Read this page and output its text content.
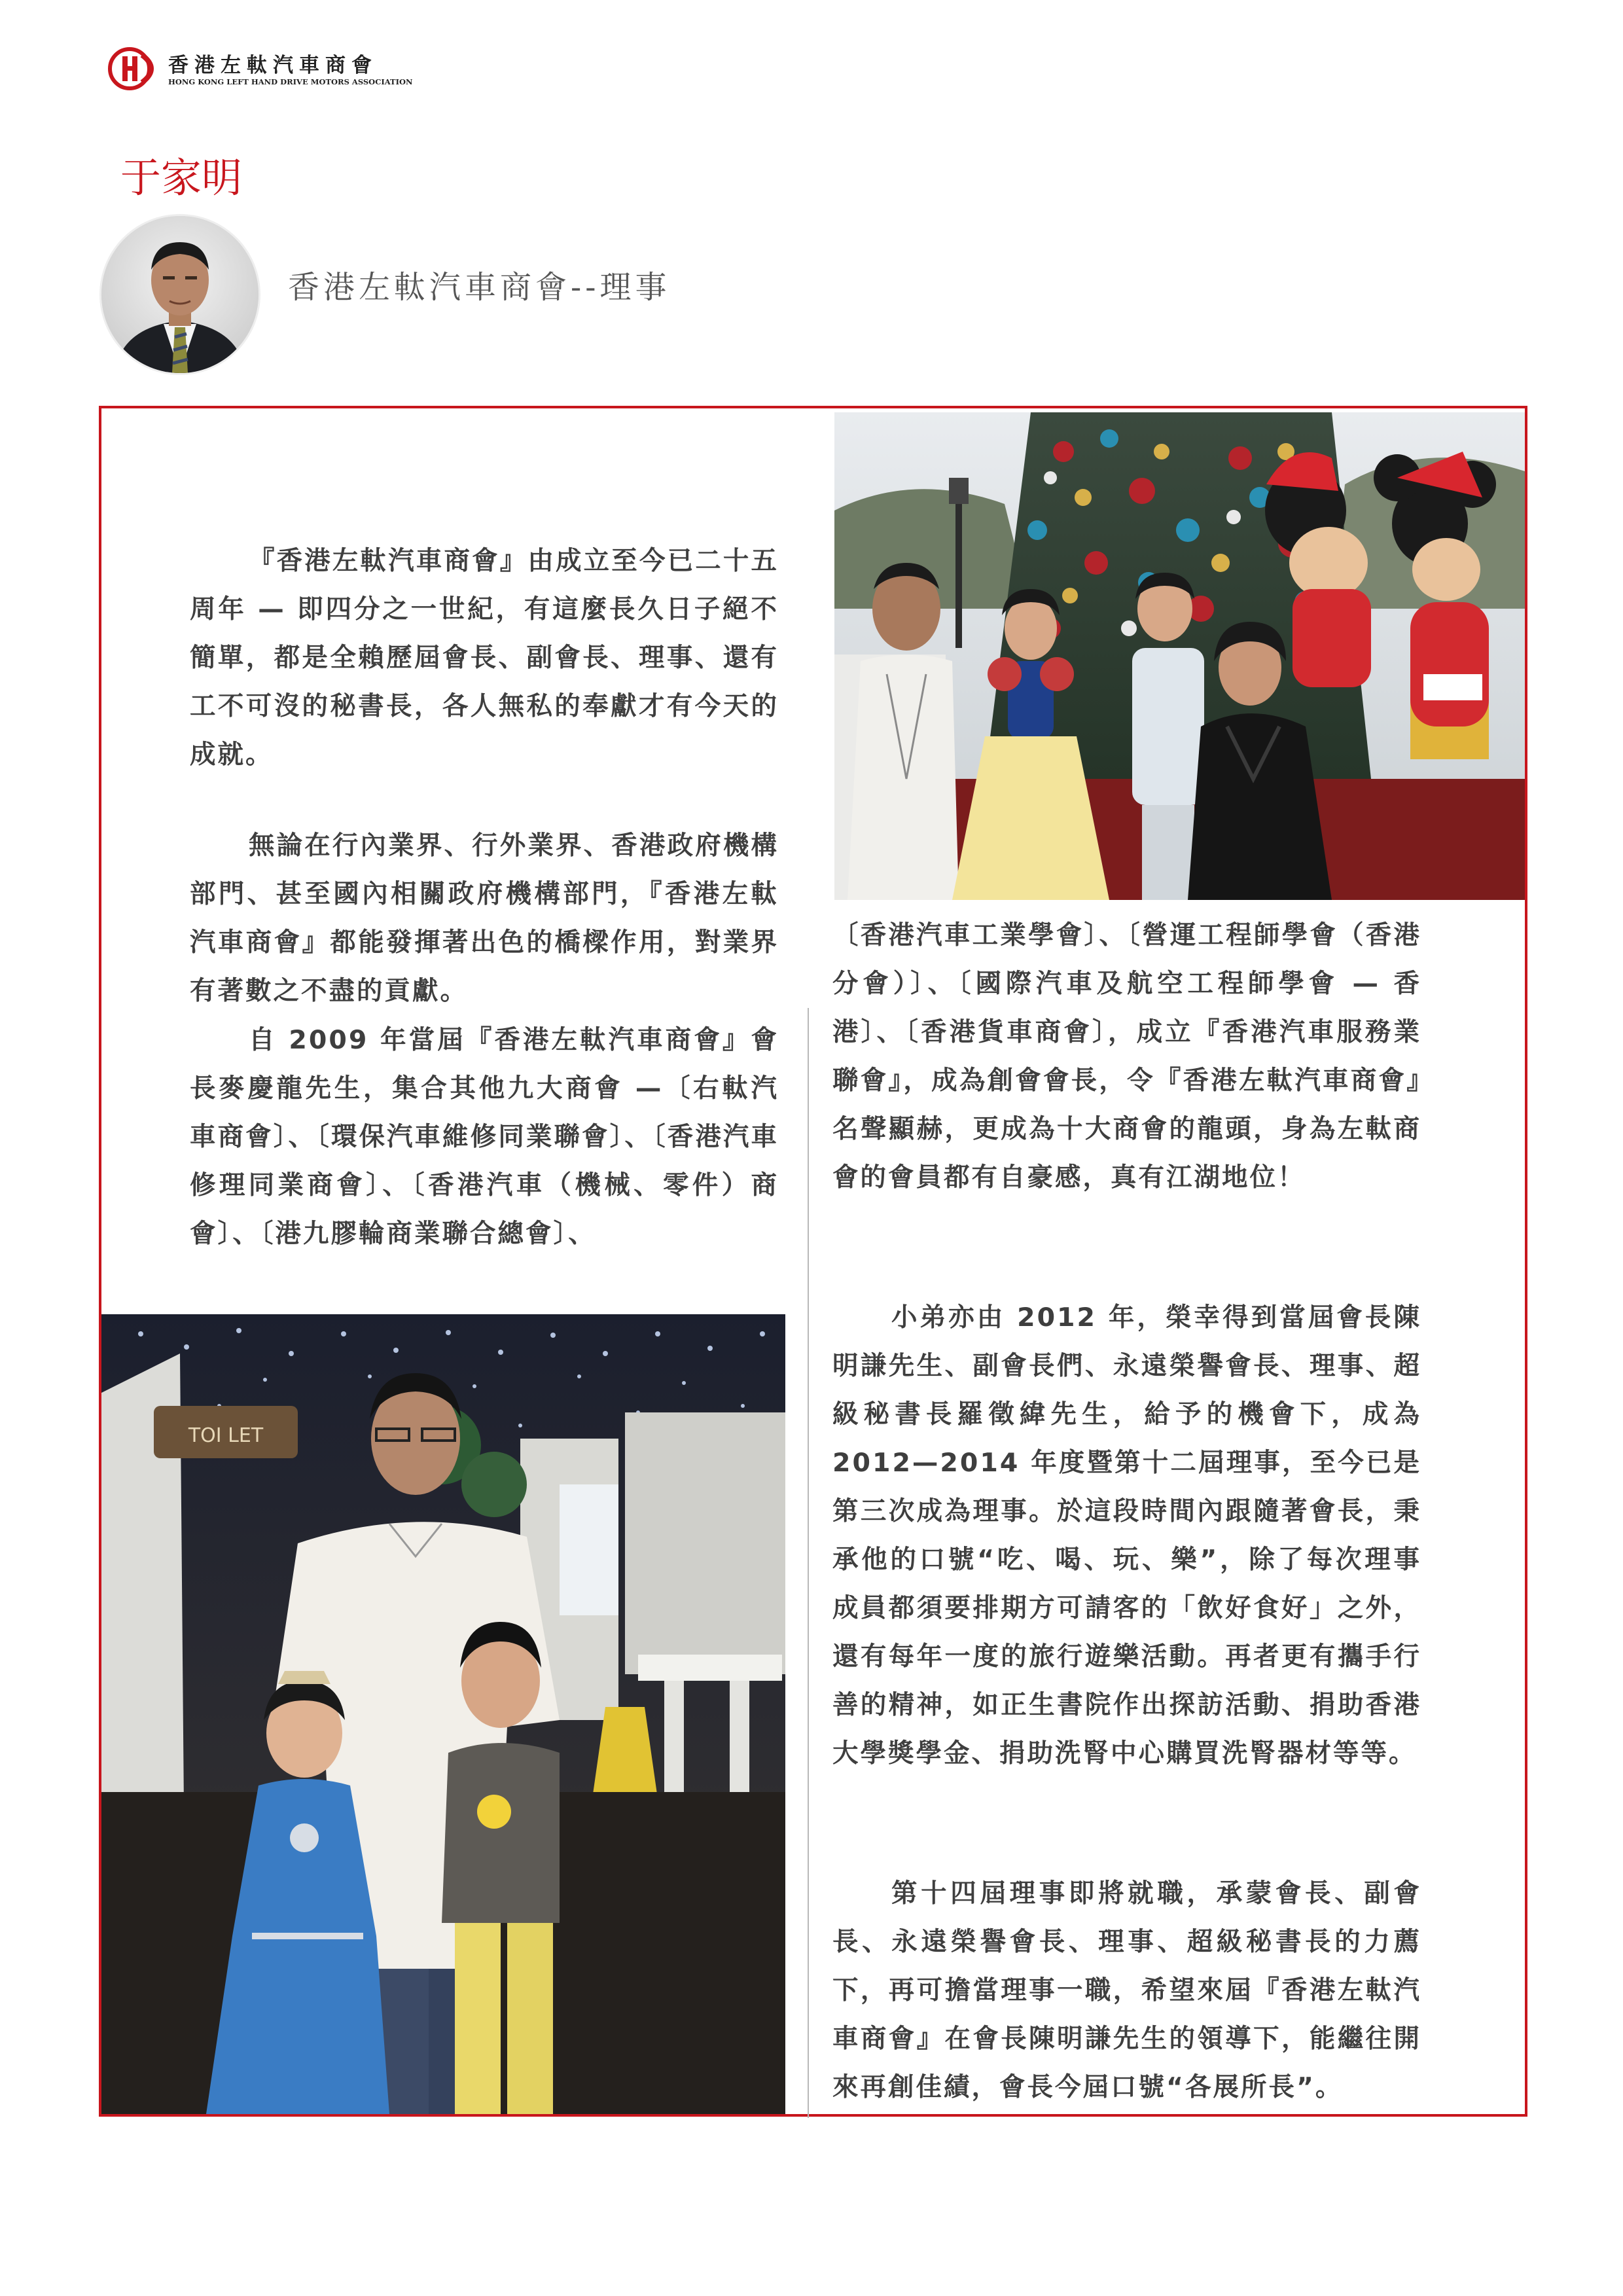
香港左軚汽車商會
HONG KONG LEFT HAND DRIVE MOTORS ASSOCIATION
于家明
香港左軚汽車商會--理事
TOI LET
『香港左軚汽車商會』由成立至今已二十五周年 — 即四分之一世紀，有這麼長久日子絕不簡單，都是全賴歷屆會長、副會長、理事、還有工不可沒的秘書長，各人無私的奉獻才有今天的成就。
無論在行內業界、行外業界、香港政府機構部門、甚至國內相關政府機構部門，『香港左軚汽車商會』都能發揮著出色的橋樑作用，對業界有著數之不盡的貢獻。
自 2009 年當屆『香港左軚汽車商會』會長麥慶龍先生，集合其他九大商會 —〔右軚汽車商會〕、〔環保汽車維修同業聯會〕、〔香港汽車修理同業商會〕、〔香港汽車（機械、零件）商會〕、〔港九膠輪商業聯合總會〕、
〔香港汽車工業學會〕、〔營運工程師學會（香港分會）〕、〔國際汽車及航空工程師學會 — 香港〕、〔香港貨車商會〕，成立『香港汽車服務業聯會』，成為創會會長，令『香港左軚汽車商會』名聲顯赫，更成為十大商會的龍頭，身為左軚商會的會員都有自豪感，真有江湖地位！
小弟亦由 2012 年，榮幸得到當屆會長陳明謙先生、副會長們、永遠榮譽會長、理事、超級秘書長羅徵緯先生，給予的機會下，成為 2012—2014 年度暨第十二屆理事，至今已是第三次成為理事。於這段時間內跟隨著會長，秉承他的口號“吃、喝、玩、樂”，除了每次理事成員都須要排期方可請客的「飲好食好」之外，還有每年一度的旅行遊樂活動。再者更有攜手行善的精神，如正生書院作出探訪活動、捐助香港大學獎學金、捐助洗腎中心購買洗腎器材等等。
第十四屆理事即將就職，承蒙會長、副會長、永遠榮譽會長、理事、超級秘書長的力薦下，再可擔當理事一職，希望來屆『香港左軚汽車商會』在會長陳明謙先生的領導下，能繼往開來再創佳績，會長今屆口號“各展所長”。
